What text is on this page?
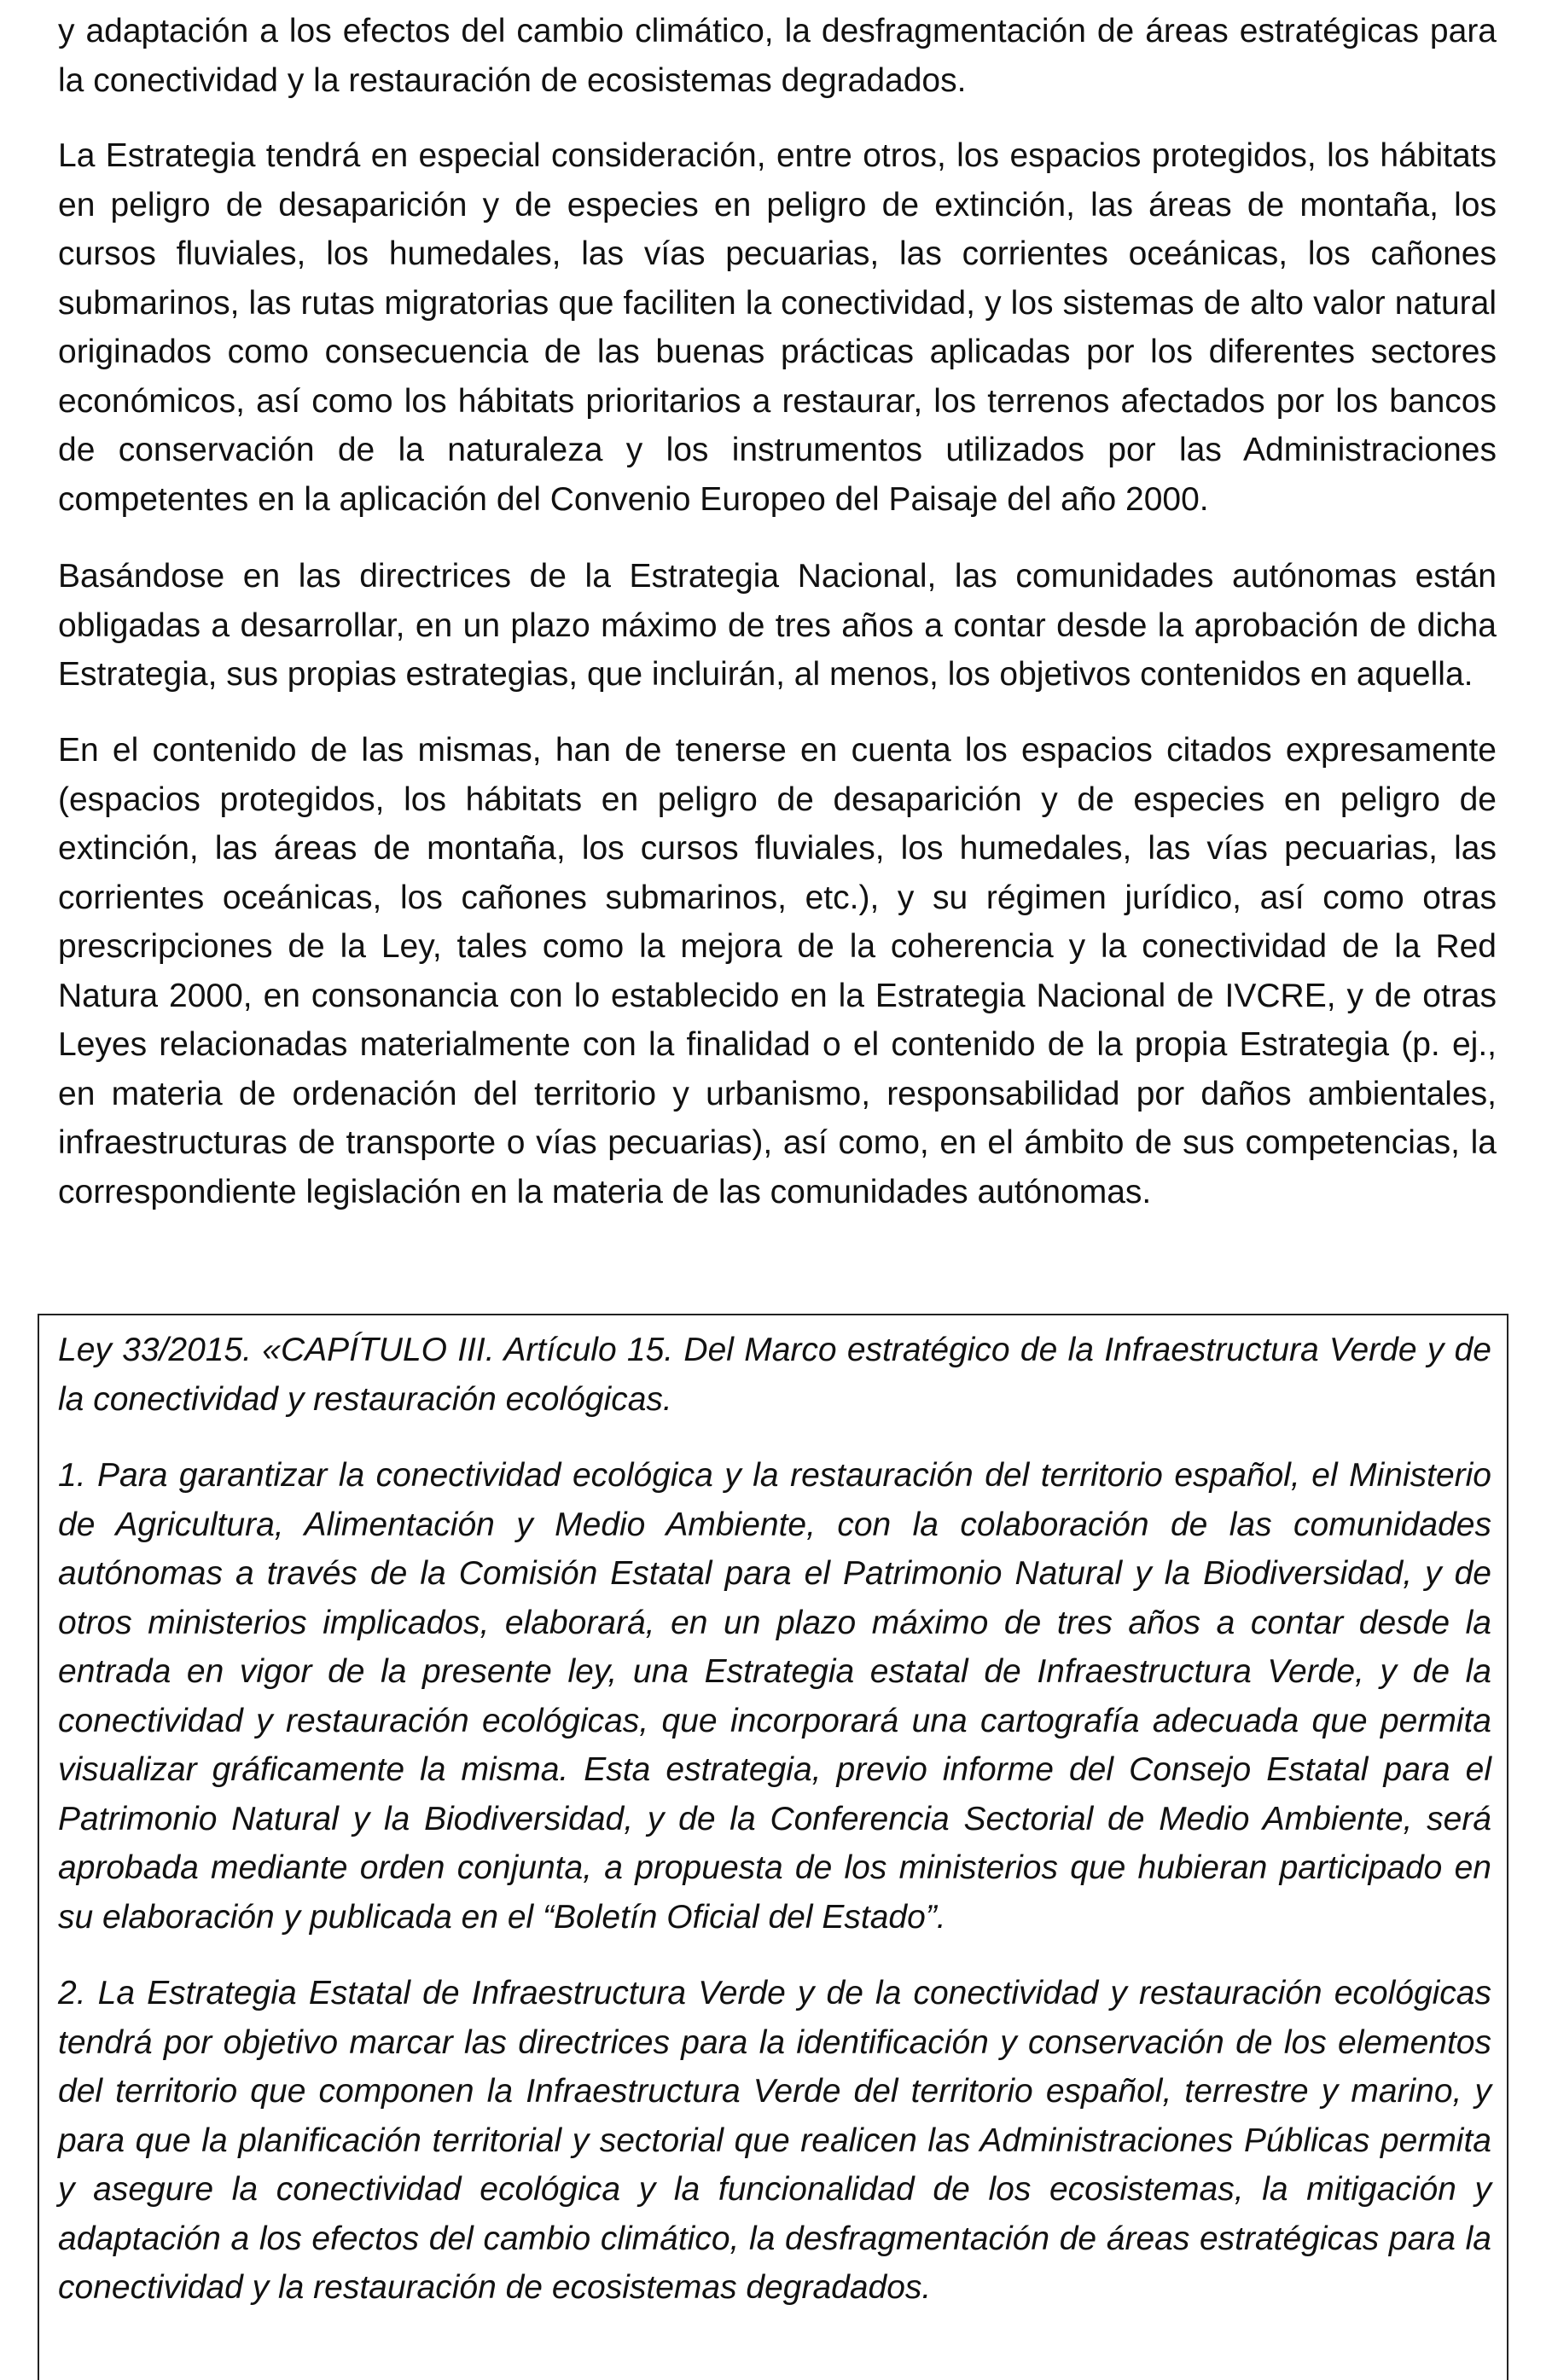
y adaptación a los efectos del cambio climático, la desfragmentación de áreas estratégicas para la conectividad y la restauración de ecosistemas degradados.

La Estrategia tendrá en especial consideración, entre otros, los espacios protegidos, los hábitats en peligro de desaparición y de especies en peligro de extinción, las áreas de montaña, los cursos fluviales, los humedales, las vías pecuarias, las corrientes oceánicas, los cañones submarinos, las rutas migratorias que faciliten la conectividad, y los sistemas de alto valor natural originados como consecuencia de las buenas prácticas aplicadas por los diferentes sectores económicos, así como los hábitats prioritarios a restaurar, los terrenos afectados por los bancos de conservación de la naturaleza y los instrumentos utilizados por las Administraciones competentes en la aplicación del Convenio Europeo del Paisaje del año 2000.

Basándose en las directrices de la Estrategia Nacional, las comunidades autónomas están obligadas a desarrollar, en un plazo máximo de tres años a contar desde la aprobación de dicha Estrategia, sus propias estrategias, que incluirán, al menos, los objetivos contenidos en aquella.

En el contenido de las mismas, han de tenerse en cuenta los espacios citados expresamente (espacios protegidos, los hábitats en peligro de desaparición y de especies en peligro de extinción, las áreas de montaña, los cursos fluviales, los humedales, las vías pecuarias, las corrientes oceánicas, los cañones submarinos, etc.), y su régimen jurídico, así como otras prescripciones de la Ley, tales como la mejora de la coherencia y la conectividad de la Red Natura 2000, en consonancia con lo establecido en la Estrategia Nacional de IVCRE, y de otras Leyes relacionadas materialmente con la finalidad o el contenido de la propia Estrategia (p. ej., en materia de ordenación del territorio y urbanismo, responsabilidad por daños ambientales, infraestructuras de transporte o vías pecuarias), así como, en el ámbito de sus competencias, la correspondiente legislación en la materia de las comunidades autónomas.

Ley 33/2015. «CAPÍTULO III. Artículo 15. Del Marco estratégico de la Infraestructura Verde y de la conectividad y restauración ecológicas.

1. Para garantizar la conectividad ecológica y la restauración del territorio español, el Ministerio de Agricultura, Alimentación y Medio Ambiente, con la colaboración de las comunidades autónomas a través de la Comisión Estatal para el Patrimonio Natural y la Biodiversidad, y de otros ministerios implicados, elaborará, en un plazo máximo de tres años a contar desde la entrada en vigor de la presente ley, una Estrategia estatal de Infraestructura Verde, y de la conectividad y restauración ecológicas, que incorporará una cartografía adecuada que permita visualizar gráficamente la misma. Esta estrategia, previo informe del Consejo Estatal para el Patrimonio Natural y la Biodiversidad, y de la Conferencia Sectorial de Medio Ambiente, será aprobada mediante orden conjunta, a propuesta de los ministerios que hubieran participado en su elaboración y publicada en el “Boletín Oficial del Estado”.

2. La Estrategia Estatal de Infraestructura Verde y de la conectividad y restauración ecológicas tendrá por objetivo marcar las directrices para la identificación y conservación de los elementos del territorio que componen la Infraestructura Verde del territorio español, terrestre y marino, y para que la planificación territorial y sectorial que realicen las Administraciones Públicas permita y asegure la conectividad ecológica y la funcionalidad de los ecosistemas, la mitigación y adaptación a los efectos del cambio climático, la desfragmentación de áreas estratégicas para la conectividad y la restauración de ecosistemas degradados.
